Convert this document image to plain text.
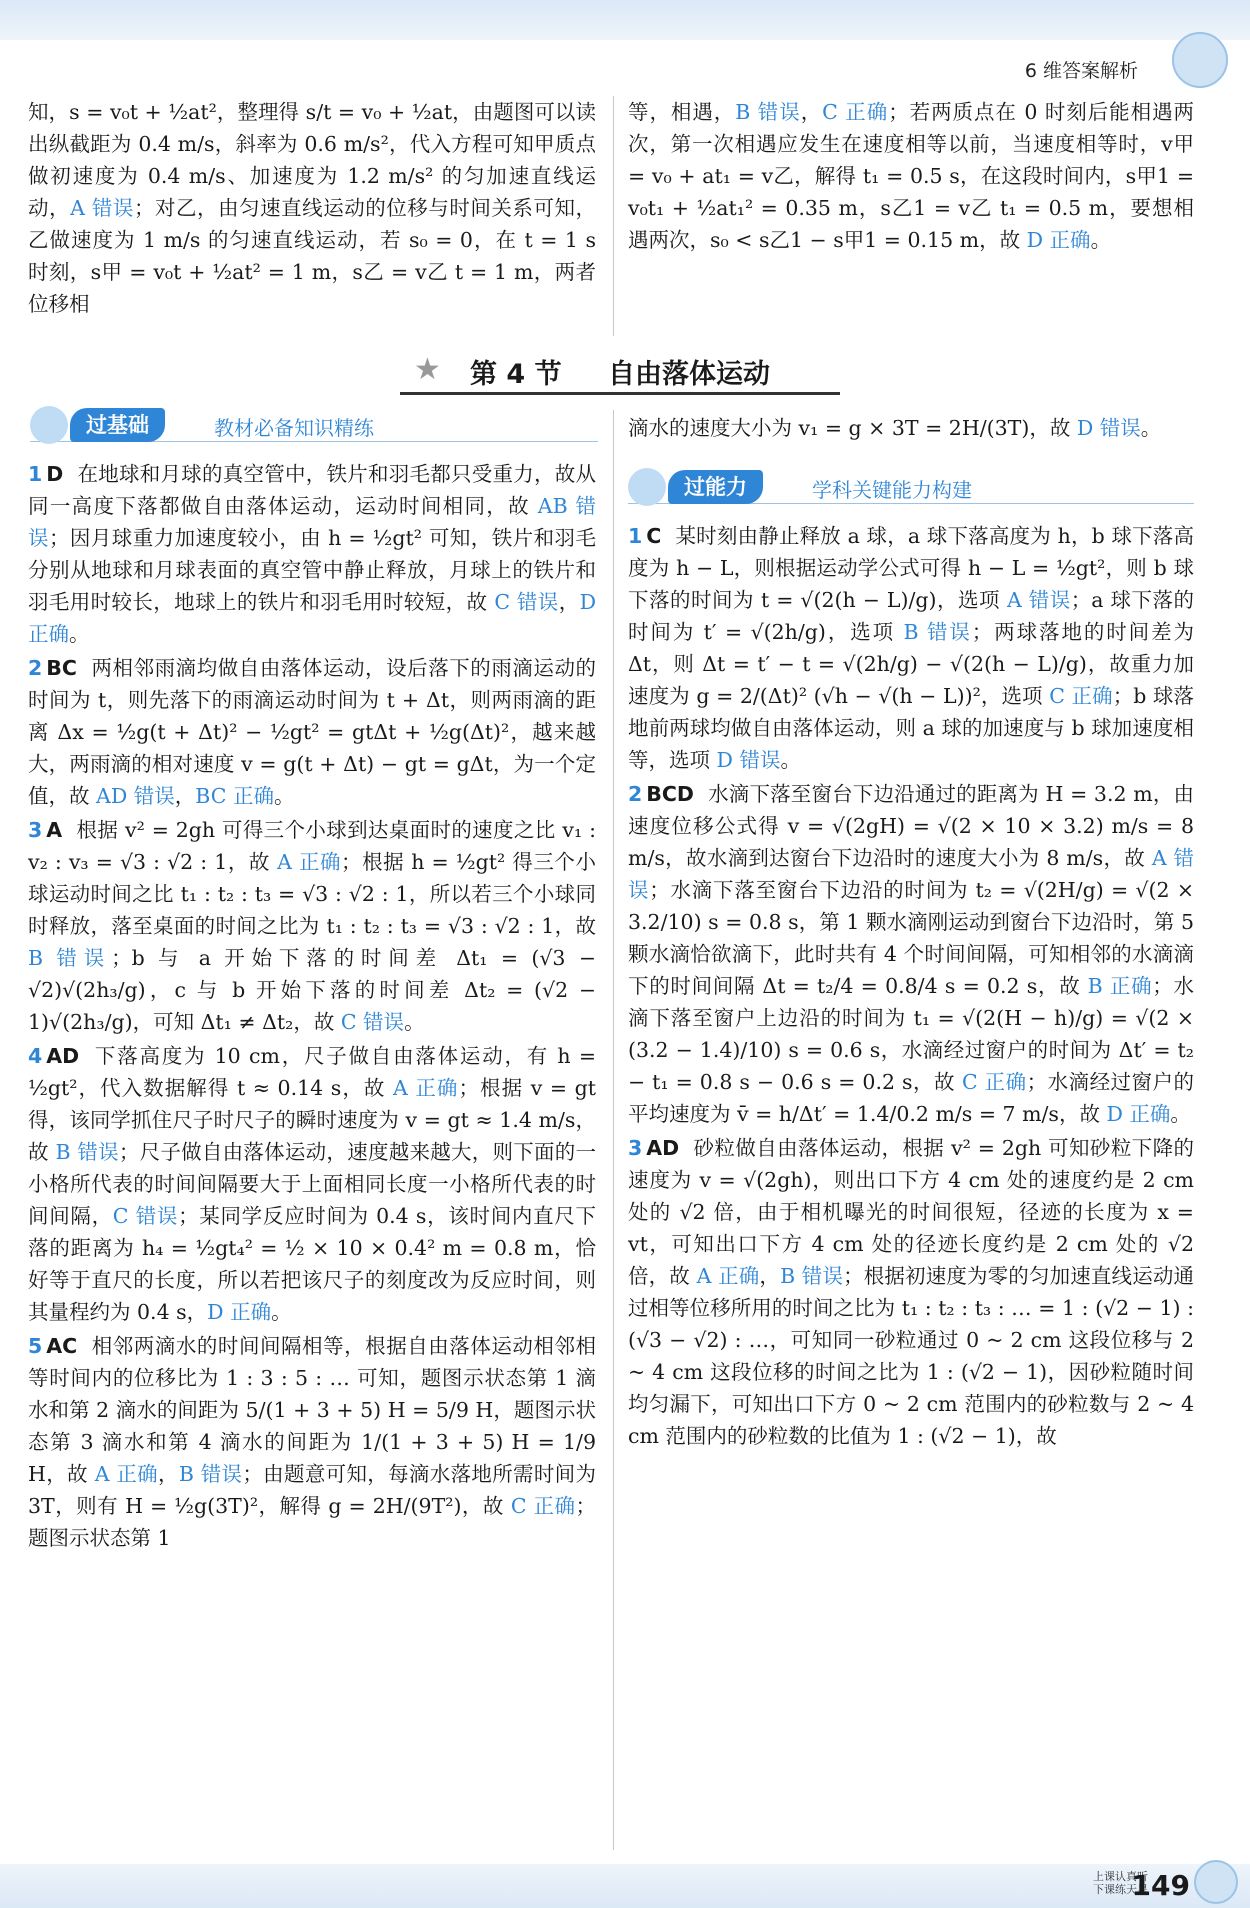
6 维答案解析

知，s = v₀t + ½at²，整理得 s/t = v₀ + ½at，由题图可以读出纵截距为 0.4 m/s，斜率为 0.6 m/s²，代入方程可知甲质点做初速度为 0.4 m/s、加速度为 1.2 m/s² 的匀加速直线运动，A 错误；对乙，由匀速直线运动的位移与时间关系可知，乙做速度为 1 m/s 的匀速直线运动，若 s₀ = 0，在 t = 1 s 时刻，s甲 = v₀t + ½at² = 1 m，s乙 = v乙 t = 1 m，两者位移相

等，相遇，B 错误，C 正确；若两质点在 0 时刻后能相遇两次，第一次相遇应发生在速度相等以前，当速度相等时，v甲 = v₀ + at₁ = v乙，解得 t₁ = 0.5 s，在这段时间内，s甲1 = v₀t₁ + ½at₁² = 0.35 m，s乙1 = v乙 t₁ = 0.5 m，要想相遇两次，s₀ < s乙1 − s甲1 = 0.15 m，故 D 正确。

★ 第 4 节 自由落体运动
过基础	教材必备知识精练

1 D 在地球和月球的真空管中，铁片和羽毛都只受重力，故从同一高度下落都做自由落体运动，运动时间相同，故 AB 错误；因月球重力加速度较小，由 h = ½gt² 可知，铁片和羽毛分别从地球和月球表面的真空管中静止释放，月球上的铁片和羽毛用时较长，地球上的铁片和羽毛用时较短，故 C 错误，D 正确。

2 BC 两相邻雨滴均做自由落体运动，设后落下的雨滴运动的时间为 t，则先落下的雨滴运动时间为 t + Δt，则两雨滴的距离 Δx = ½g(t + Δt)² − ½gt² = gtΔt + ½g(Δt)²，越来越大，两雨滴的相对速度 v = g(t + Δt) − gt = gΔt，为一个定值，故 AD 错误，BC 正确。

3 A 根据 v² = 2gh 可得三个小球到达桌面时的速度之比 v₁ : v₂ : v₃ = √3 : √2 : 1，故 A 正确；根据 h = ½gt² 得三个小球运动时间之比 t₁ : t₂ : t₃ = √3 : √2 : 1，所以若三个小球同时释放，落至桌面的时间之比为 t₁ : t₂ : t₃ = √3 : √2 : 1，故 B 错误；b 与 a 开始下落的时间差 Δt₁ = (√3 − √2)√(2h₃/g)，c 与 b 开始下落的时间差 Δt₂ = (√2 − 1)√(2h₃/g)，可知 Δt₁ ≠ Δt₂，故 C 错误。

4 AD 下落高度为 10 cm，尺子做自由落体运动，有 h = ½gt²，代入数据解得 t ≈ 0.14 s，故 A 正确；根据 v = gt 得，该同学抓住尺子时尺子的瞬时速度为 v = gt ≈ 1.4 m/s，故 B 错误；尺子做自由落体运动，速度越来越大，则下面的一小格所代表的时间间隔要大于上面相同长度一小格所代表的时间间隔，C 错误；某同学反应时间为 0.4 s，该时间内直尺下落的距离为 h₄ = ½gt₄² = ½ × 10 × 0.4² m = 0.8 m，恰好等于直尺的长度，所以若把该尺子的刻度改为反应时间，则其量程约为 0.4 s，D 正确。

5 AC 相邻两滴水的时间间隔相等，根据自由落体运动相邻相等时间内的位移比为 1 : 3 : 5 : … 可知，题图示状态第 1 滴水和第 2 滴水的间距为 5/(1 + 3 + 5) H = 5/9 H，题图示状态第 3 滴水和第 4 滴水的间距为 1/(1 + 3 + 5) H = 1/9 H，故 A 正确，B 错误；由题意可知，每滴水落地所需时间为 3T，则有 H = ½g(3T)²，解得 g = 2H/(9T²)，故 C 正确；题图示状态第 1

滴水的速度大小为 v₁ = g × 3T = 2H/(3T)，故 D 错误。

过能力	学科关键能力构建

1 C 某时刻由静止释放 a 球，a 球下落高度为 h，b 球下落高度为 h − L，则根据运动学公式可得 h − L = ½gt²，则 b 球下落的时间为 t = √(2(h − L)/g)，选项 A 错误；a 球下落的时间为 t′ = √(2h/g)，选项 B 错误；两球落地的时间差为 Δt，则 Δt = t′ − t = √(2h/g) − √(2(h − L)/g)，故重力加速度为 g = 2/(Δt)² (√h − √(h − L))²，选项 C 正确；b 球落地前两球均做自由落体运动，则 a 球的加速度与 b 球加速度相等，选项 D 错误。

2 BCD 水滴下落至窗台下边沿通过的距离为 H = 3.2 m，由速度位移公式得 v = √(2gH) = √(2 × 10 × 3.2) m/s = 8 m/s，故水滴到达窗台下边沿时的速度大小为 8 m/s，故 A 错误；水滴下落至窗台下边沿的时间为 t₂ = √(2H/g) = √(2 × 3.2/10) s = 0.8 s，第 1 颗水滴刚运动到窗台下边沿时，第 5 颗水滴恰欲滴下，此时共有 4 个时间间隔，可知相邻的水滴滴下的时间间隔 Δt = t₂/4 = 0.8/4 s = 0.2 s，故 B 正确；水滴下落至窗户上边沿的时间为 t₁ = √(2(H − h)/g) = √(2 × (3.2 − 1.4)/10) s = 0.6 s，水滴经过窗户的时间为 Δt′ = t₂ − t₁ = 0.8 s − 0.6 s = 0.2 s，故 C 正确；水滴经过窗户的平均速度为 v̄ = h/Δt′ = 1.4/0.2 m/s = 7 m/s，故 D 正确。

3 AD 砂粒做自由落体运动，根据 v² = 2gh 可知砂粒下降的速度为 v = √(2gh)，则出口下方 4 cm 处的速度约是 2 cm 处的 √2 倍，由于相机曝光的时间很短，径迹的长度为 x = vt，可知出口下方 4 cm 处的径迹长度约是 2 cm 处的 √2 倍，故 A 正确，B 错误；根据初速度为零的匀加速直线运动通过相等位移所用的时间之比为 t₁ : t₂ : t₃ : … = 1 : (√2 − 1) : (√3 − √2) : …，可知同一砂粒通过 0 ~ 2 cm 这段位移与 2 ~ 4 cm 这段位移的时间之比为 1 : (√2 − 1)，因砂粒随时间均匀漏下，可知出口下方 0 ~ 2 cm 范围内的砂粒数与 2 ~ 4 cm 范围内的砂粒数的比值为 1 : (√2 − 1)，故

上课认真听
下课练天星
149
